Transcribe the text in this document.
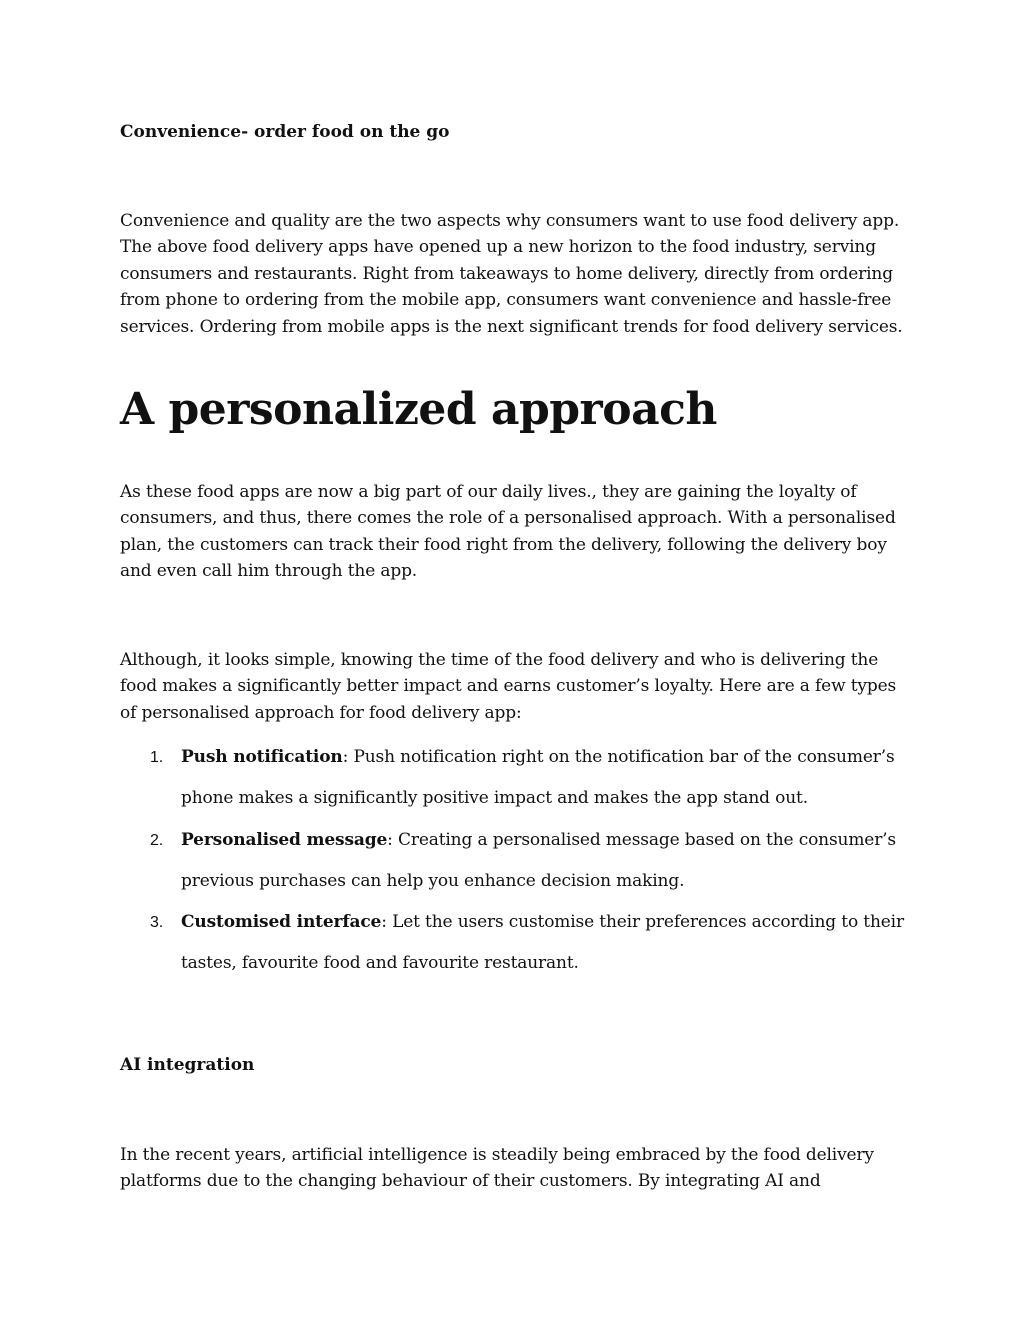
Convenience- order food on the go

Convenience and quality are the two aspects why consumers want to use food delivery app. The above food delivery apps have opened up a new horizon to the food industry, serving consumers and restaurants. Right from takeaways to home delivery, directly from ordering from phone to ordering from the mobile app, consumers want convenience and hassle-free services. Ordering from mobile apps is the next significant trends for food delivery services.

A personalized approach

As these food apps are now a big part of our daily lives., they are gaining the loyalty of consumers, and thus, there comes the role of a personalised approach. With a personalised plan, the customers can track their food right from the delivery, following the delivery boy and even call him through the app.

Although, it looks simple, knowing the time of the food delivery and who is delivering the food makes a significantly better impact and earns customer’s loyalty. Here are a few types of personalised approach for food delivery app:

1. Push notification: Push notification right on the notification bar of the consumer’s phone makes a significantly positive impact and makes the app stand out.
2. Personalised message: Creating a personalised message based on the consumer’s previous purchases can help you enhance decision making.
3. Customised interface: Let the users customise their preferences according to their tastes, favourite food and favourite restaurant.
AI integration

In the recent years, artificial intelligence is steadily being embraced by the food delivery platforms due to the changing behaviour of their customers. By integrating AI and
